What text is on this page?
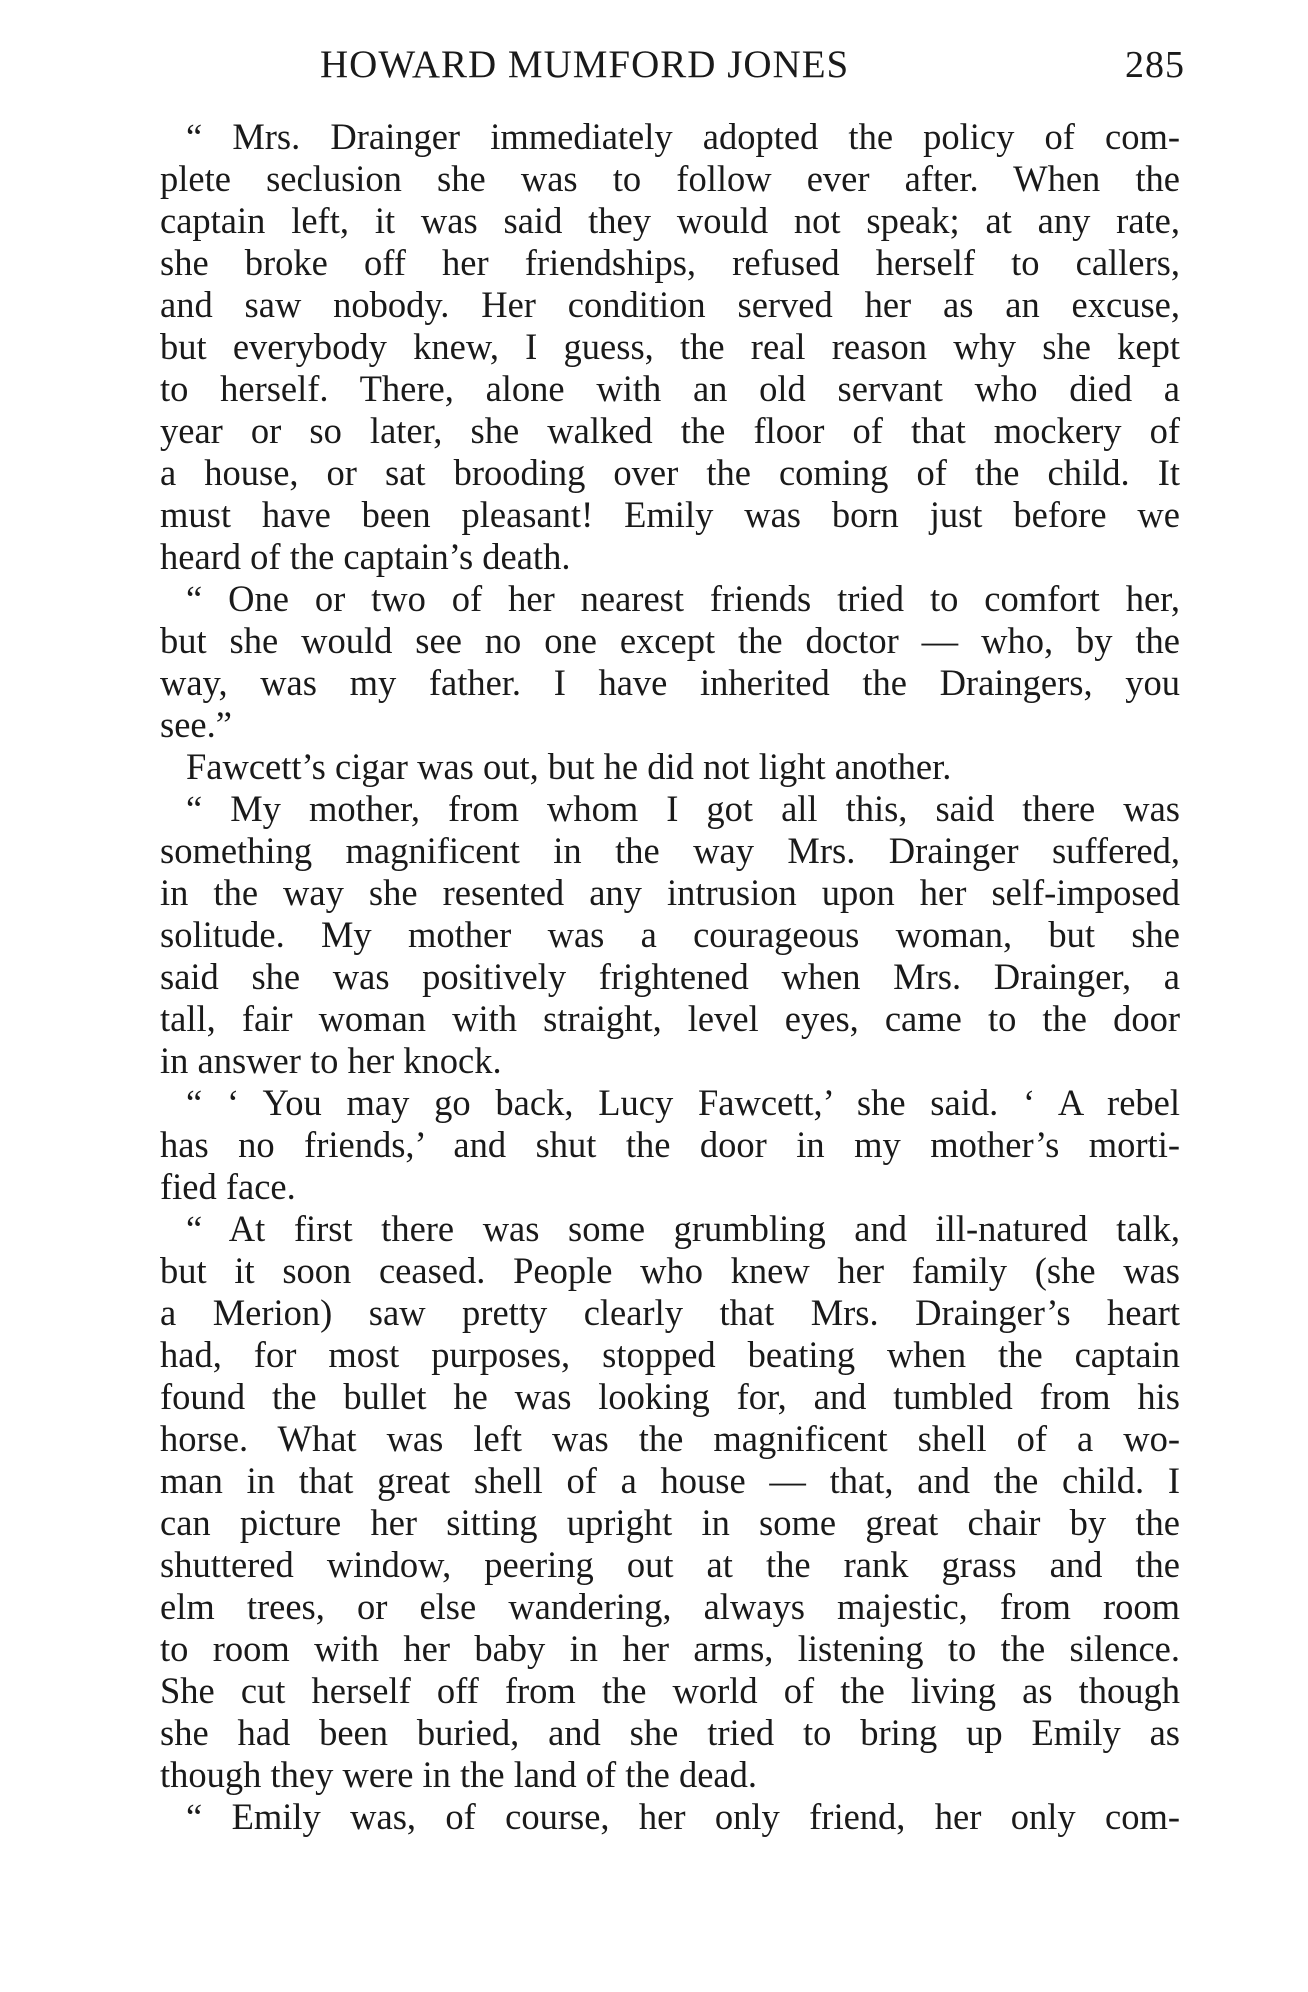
HOWARD MUMFORD JONES	285
“ Mrs. Drainger immediately adopted the policy of com-
plete seclusion she was to follow ever after. When the
captain left, it was said they would not speak; at any rate,
she broke off her friendships, refused herself to callers,
and saw nobody. Her condition served her as an excuse,
but everybody knew, I guess, the real reason why she kept
to herself. There, alone with an old servant who died a
year or so later, she walked the floor of that mockery of
a house, or sat brooding over the coming of the child. It
must have been pleasant! Emily was born just before we
heard of the captain’s death.
“ One or two of her nearest friends tried to comfort her,
but she would see no one except the doctor — who, by the
way, was my father. I have inherited the Draingers, you
see.”
Fawcett’s cigar was out, but he did not light another.
“ My mother, from whom I got all this, said there was
something magnificent in the way Mrs. Drainger suffered,
in the way she resented any intrusion upon her self-imposed
solitude. My mother was a courageous woman, but she
said she was positively frightened when Mrs. Drainger, a
tall, fair woman with straight, level eyes, came to the door
in answer to her knock.
“ ‘ You may go back, Lucy Fawcett,’ she said. ‘ A rebel
has no friends,’ and shut the door in my mother’s morti-
fied face.
“ At first there was some grumbling and ill-natured talk,
but it soon ceased. People who knew her family (she was
a Merion) saw pretty clearly that Mrs. Drainger’s heart
had, for most purposes, stopped beating when the captain
found the bullet he was looking for, and tumbled from his
horse. What was left was the magnificent shell of a wo-
man in that great shell of a house — that, and the child. I
can picture her sitting upright in some great chair by the
shuttered window, peering out at the rank grass and the
elm trees, or else wandering, always majestic, from room
to room with her baby in her arms, listening to the silence.
She cut herself off from the world of the living as though
she had been buried, and she tried to bring up Emily as
though they were in the land of the dead.
“ Emily was, of course, her only friend, her only com-
